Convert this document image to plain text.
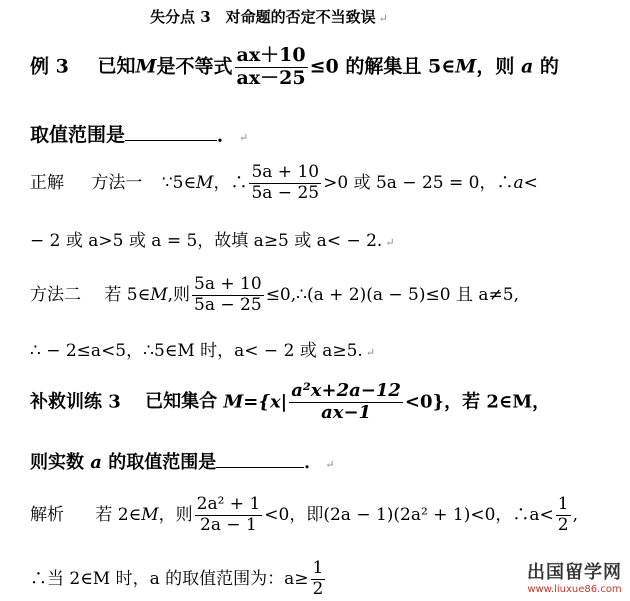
失分点 3　对命题的否定不当致误 ↵
例 3 已知M是不等式 $\frac{ax+10}{ax-25} \le 0$ 的解集且 5∈M，则 a 的
取值范围是	． ↵
正解 方法一 ∵5∈M，∴ $\frac{5a + 10}{5a - 25} >0$ 或 5a − 25 = 0，∴a<
− 2 或 a>5 或 a = 5，故填 a≥5 或 a< − 2. ↵
方法二 若 5∈M,则 $\frac{5a + 10}{5a - 25}$ ≤0,∴(a + 2)(a − 5)≤0 且 a≠5,
∴ − 2≤a<5，∴5∈M 时，a< − 2 或 a≥5. ↵
补救训练 3 已知集合 $M=\{x| \frac{\text{a²x+2a−12}}{ax-1} <0\}$，若 2∈M，
则实数 a 的取值范围是	． ↵
解析 若 2∈M，则 $\frac{\text{2a² + 1}}{2a - 1} <0$，即(2a − 1)(2a² + 1)<0，∴a< $\frac{1}{2}$ ,
∴当 2∈M 时，a 的取值范围为：$a\ge \frac{1}{2}$	出国留学网
www.liuxue86.com
